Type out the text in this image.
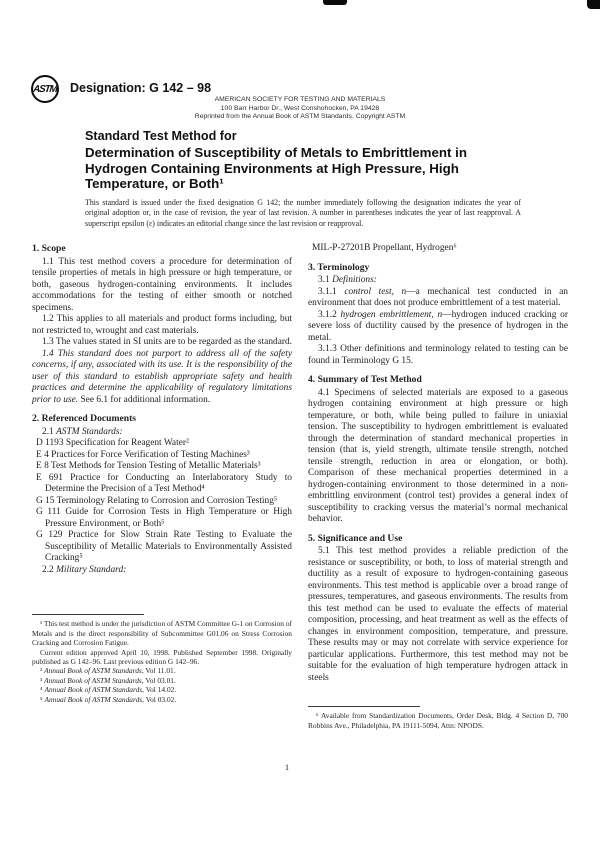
ASTM Designation: G 142 – 98
AMERICAN SOCIETY FOR TESTING AND MATERIALS
100 Barr Harbor Dr., West Conshohocken, PA 19428
Reprinted from the Annual Book of ASTM Standards. Copyright ASTM
Standard Test Method for
Determination of Susceptibility of Metals to Embrittlement in
Hydrogen Containing Environments at High Pressure, High
Temperature, or Both¹

This standard is issued under the fixed designation G 142; the number immediately following the designation indicates the year of original adoption or, in the case of revision, the year of last revision. A number in parentheses indicates the year of last reapproval. A superscript epsilon (ε) indicates an editorial change since the last revision or reapproval.

1. Scope

1.1 This test method covers a procedure for determination of tensile properties of metals in high pressure or high temperature, or both, gaseous hydrogen-containing environments. It includes accommodations for the testing of either smooth or notched specimens.

1.2 This applies to all materials and product forms including, but not restricted to, wrought and cast materials.

1.3 The values stated in SI units are to be regarded as the standard.

1.4 This standard does not purport to address all of the safety concerns, if any, associated with its use. It is the responsibility of the user of this standard to establish appropriate safety and health practices and determine the applicability of regulatory limitations prior to use. See 6.1 for additional information.

2. Referenced Documents

2.1 ASTM Standards:

D 1193 Specification for Reagent Water²

E 4 Practices for Force Verification of Testing Machines³

E 8 Test Methods for Tension Testing of Metallic Materials³

E 691 Practice for Conducting an Interlaboratory Study to Determine the Precision of a Test Method⁴

G 15 Terminology Relating to Corrosion and Corrosion Testing⁵

G 111 Guide for Corrosion Tests in High Temperature or High Pressure Environment, or Both⁵

G 129 Practice for Slow Strain Rate Testing to Evaluate the Susceptibility of Metallic Materials to Environmentally Assisted Cracking⁵

2.2 Military Standard:

¹ This test method is under the jurisdiction of ASTM Committee G-1 on Corrosion of Metals and is the direct responsibility of Subcommittee G01.06 on Stress Corrosion Cracking and Corrosion Fatigue.

Current edition approved April 10, 1998. Published September 1998. Originally published as G 142–96. Last previous edition G 142–96.

² Annual Book of ASTM Standards, Vol 11.01.

³ Annual Book of ASTM Standards, Vol 03.01.

⁴ Annual Book of ASTM Standards, Vol 14.02.

⁵ Annual Book of ASTM Standards, Vol 03.02.

MIL-P-27201B Propellant, Hydrogen⁶

3. Terminology

3.1 Definitions:

3.1.1 control test, n—a mechanical test conducted in an environment that does not produce embrittlement of a test material.

3.1.2 hydrogen embrittlement, n—hydrogen induced cracking or severe loss of ductility caused by the presence of hydrogen in the metal.

3.1.3 Other definitions and terminology related to testing can be found in Terminology G 15.

4. Summary of Test Method

4.1 Specimens of selected materials are exposed to a gaseous hydrogen containing environment at high pressure or high temperature, or both, while being pulled to failure in uniaxial tension. The susceptibility to hydrogen embrittlement is evaluated through the determination of standard mechanical properties in tension (that is, yield strength, ultimate tensile strength, notched tensile strength, reduction in area or elongation, or both). Comparison of these mechanical properties determined in a hydrogen-containing environment to those determined in a non-embrittling environment (control test) provides a general index of susceptibility to cracking versus the material’s normal mechanical behavior.

5. Significance and Use

5.1 This test method provides a reliable prediction of the resistance or susceptibility, or both, to loss of material strength and ductility as a result of exposure to hydrogen-containing gaseous environments. This test method is applicable over a broad range of pressures, temperatures, and gaseous environments. The results from this test method can be used to evaluate the effects of material composition, processing, and heat treatment as well as the effects of changes in environment composition, temperature, and pressure. These results may or may not correlate with service experience for particular applications. Furthermore, this test method may not be suitable for the evaluation of high temperature hydrogen attack in steels

⁶ Available from Standardization Documents, Order Desk, Bldg. 4 Section D, 700 Robbins Ave., Philadelphia, PA 19111-5094, Attn: NPODS.

1
